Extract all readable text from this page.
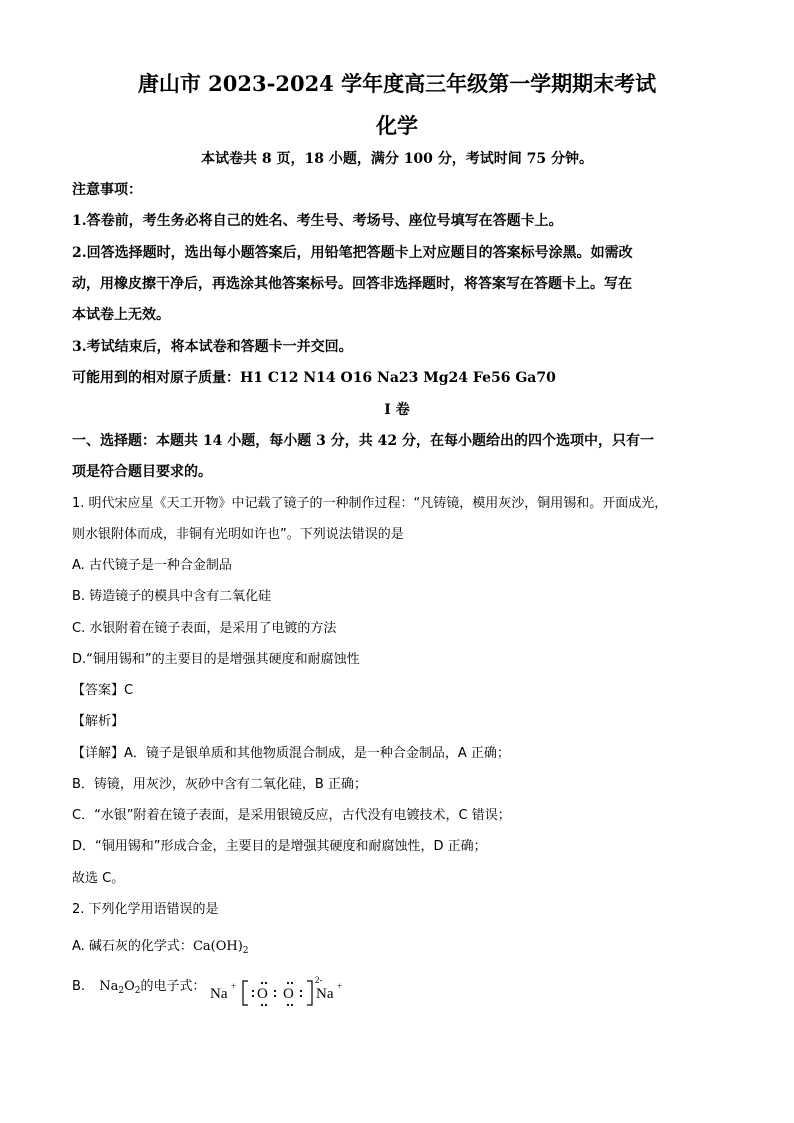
唐山市 2023-2024 学年度高三年级第一学期期末考试
化学
本试卷共 8 页，18 小题，满分 100 分，考试时间 75 分钟。
注意事项：
1.答卷前，考生务必将自己的姓名、考生号、考场号、座位号填写在答题卡上。
2.回答选择题时，选出每小题答案后，用铅笔把答题卡上对应题目的答案标号涂黑。如需改
动，用橡皮擦干净后，再选涂其他答案标号。回答非选择题时，将答案写在答题卡上。写在
本试卷上无效。
3.考试结束后，将本试卷和答题卡一并交回。
可能用到的相对原子质量：H1 C12 N14 O16 Na23 Mg24 Fe56 Ga70
I 卷
一、选择题：本题共 14 小题，每小题 3 分，共 42 分，在每小题给出的四个选项中，只有一
项是符合题目要求的。
1. 明代宋应星《天工开物》中记载了镜子的一种制作过程：“凡铸镜，模用灰沙，铜用锡和。开面成光，
则水银附体而成，非铜有光明如许也”。下列说法错误的是
A. 古代镜子是一种合金制品
B. 铸造镜子的模具中含有二氧化硅
C. 水银附着在镜子表面，是采用了电镀的方法
D.“铜用锡和”的主要目的是增强其硬度和耐腐蚀性
【答案】C
【解析】
【详解】A．镜子是银单质和其他物质混合制成，是一种合金制品，A 正确；
B．铸镜，用灰沙，灰砂中含有二氧化硅，B 正确；
C．“水银”附着在镜子表面，是采用银镜反应，古代没有电镀技术，C 错误；
D．“铜用锡和”形成合金，主要目的是增强其硬度和耐腐蚀性，D 正确；
故选 C。
2. 下列化学用语错误的是
A. 碱石灰的化学式：$Ca(OH)_2$
B. $Na_2O_2$的电子式： Na + O O
2-
Na +
